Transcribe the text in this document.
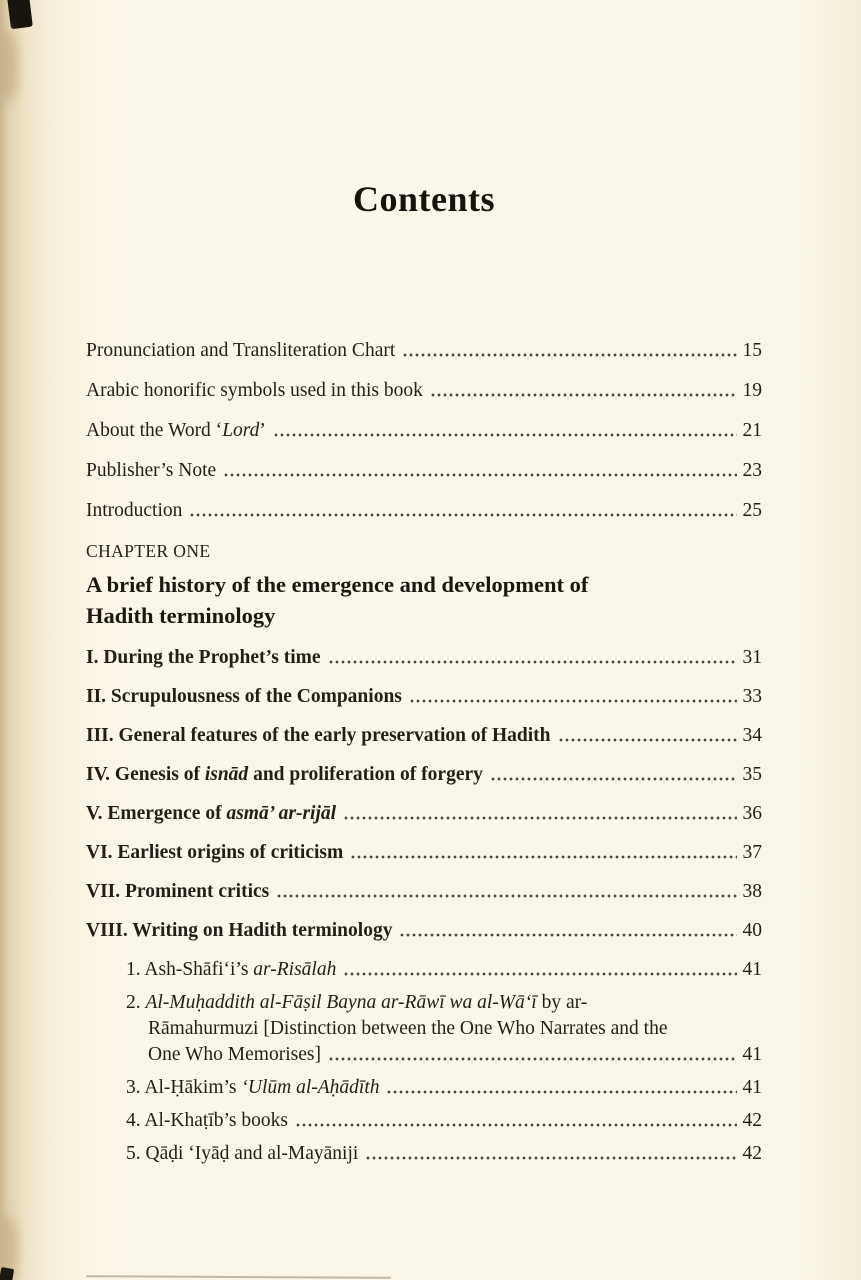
Contents
Pronunciation and Transliteration Chart	15
Arabic honorific symbols used in this book	19
About the Word ‘Lord’	21
Publisher’s Note	23
Introduction	25
CHAPTER ONE
A brief history of the emergence and development of
Hadith terminology
I. During the Prophet’s time	31
II. Scrupulousness of the Companions	33
III. General features of the early preservation of Hadith	34
IV. Genesis of isnād and proliferation of forgery	35
V. Emergence of asmā’ ar-rijāl	36
VI. Earliest origins of criticism	37
VII. Prominent critics	38
VIII. Writing on Hadith terminology	40
1. Ash-Shāfi‘i’s ar-Risālah	41
2. Al-Muḥaddith al-Fāṣil Bayna ar-Rāwī wa al-Wā‘ī by ar-
Rāmahurmuzi [Distinction between the One Who Narrates and the
One Who Memorises]	41
3. Al-Ḥākim’s ‘Ulūm al-Aḥādīth	41
4. Al-Khaṭīb’s books	42
5. Qāḍi ‘Iyāḍ and al-Mayāniji	42
